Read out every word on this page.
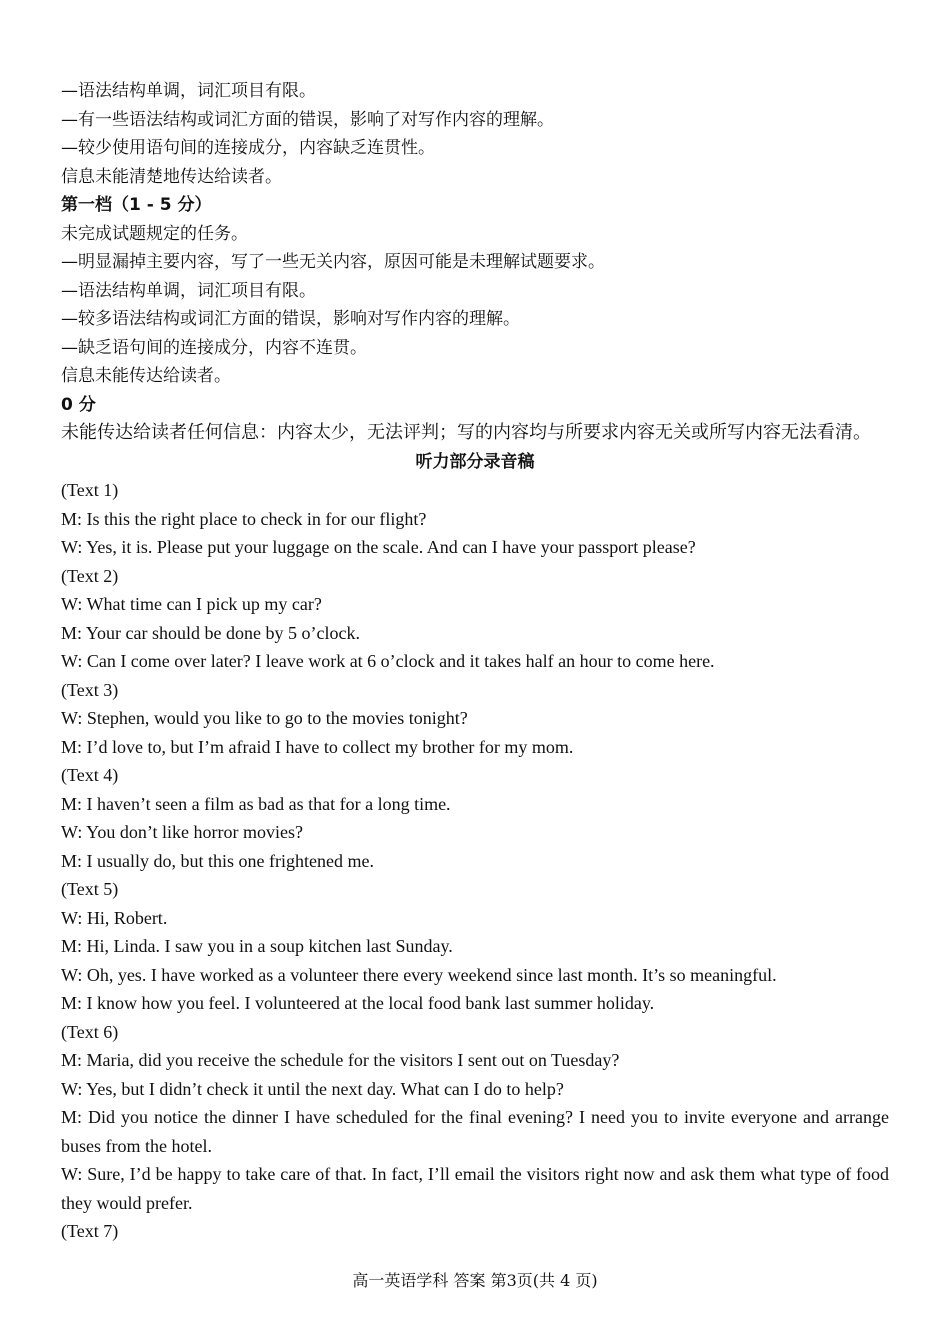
—语法结构单调，词汇项目有限。

—有一些语法结构或词汇方面的错误，影响了对写作内容的理解。

—较少使用语句间的连接成分，内容缺乏连贯性。

信息未能清楚地传达给读者。

第一档（1 - 5 分）

未完成试题规定的任务。

—明显漏掉主要内容，写了一些无关内容，原因可能是未理解试题要求。

—语法结构单调，词汇项目有限。

—较多语法结构或词汇方面的错误，影响对写作内容的理解。

—缺乏语句间的连接成分，内容不连贯。

信息未能传达给读者。

0 分

未能传达给读者任何信息：内容太少，无法评判；写的内容均与所要求内容无关或所写内容无法看清。

听力部分录音稿

(Text 1)

M: Is this the right place to check in for our flight?

W: Yes, it is. Please put your luggage on the scale. And can I have your passport please?

(Text 2)

W: What time can I pick up my car?

M: Your car should be done by 5 o’clock.

W: Can I come over later? I leave work at 6 o’clock and it takes half an hour to come here.

(Text 3)

W: Stephen, would you like to go to the movies tonight?

M: I’d love to, but I’m afraid I have to collect my brother for my mom.

(Text 4)

M: I haven’t seen a film as bad as that for a long time.

W: You don’t like horror movies?

M: I usually do, but this one frightened me.

(Text 5)

W: Hi, Robert.

M: Hi, Linda. I saw you in a soup kitchen last Sunday.

W: Oh, yes. I have worked as a volunteer there every weekend since last month. It’s so meaningful.

M: I know how you feel. I volunteered at the local food bank last summer holiday.

(Text 6)

M: Maria, did you receive the schedule for the visitors I sent out on Tuesday?

W: Yes, but I didn’t check it until the next day. What can I do to help?

M: Did you notice the dinner I have scheduled for the final evening? I need you to invite everyone and arrange buses from the hotel.

W: Sure, I’d be happy to take care of that. In fact, I’ll email the visitors right now and ask them what type of food they would prefer.

(Text 7)

高一英语学科 答案 第3页(共 4 页)
